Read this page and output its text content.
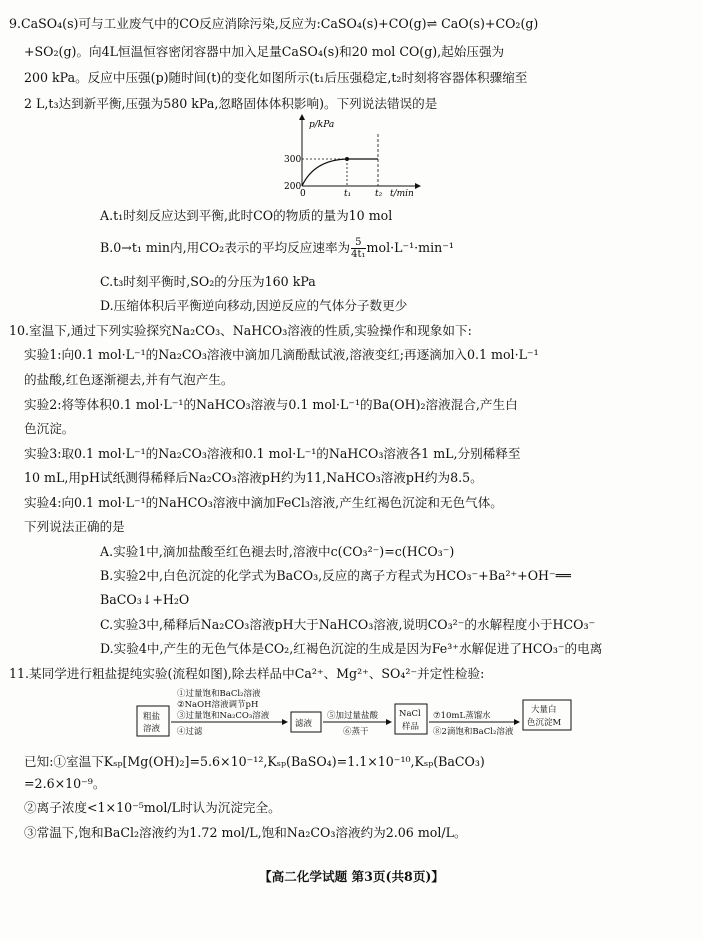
9.CaSO₄(s)可与工业废气中的CO反应消除污染,反应为:CaSO₄(s)+CO(g)⇌ CaO(s)+CO₂(g)
+SO₂(g)。向4L恒温恒容密闭容器中加入足量CaSO₄(s)和20 mol CO(g),起始压强为
200 kPa。反应中压强(p)随时间(t)的变化如图所示(t₁后压强稳定,t₂时刻将容器体积骤缩至
2 L,t₃达到新平衡,压强为580 kPa,忽略固体体积影响)。下列说法错误的是
p/kPa
t/min
300
200
0	t₁	t₂
A.t₁时刻反应达到平衡,此时CO的物质的量为10 mol
B.0→t₁ min内,用CO₂表示的平均反应速率为 $\frac{5}{\text{4t₁}} mol\cdot L^{-1}\cdot\min^{-1}$
C.t₃时刻平衡时,SO₂的分压为160 kPa
D.压缩体积后平衡逆向移动,因逆反应的气体分子数更少
10.室温下,通过下列实验探究Na₂CO₃、NaHCO₃溶液的性质,实验操作和现象如下:
实验1:向0.1 mol·L⁻¹的Na₂CO₃溶液中滴加几滴酚酞试液,溶液变红;再逐滴加入0.1 mol·L⁻¹
的盐酸,红色逐渐褪去,并有气泡产生。
实验2:将等体积0.1 mol·L⁻¹的NaHCO₃溶液与0.1 mol·L⁻¹的Ba(OH)₂溶液混合,产生白
色沉淀。
实验3:取0.1 mol·L⁻¹的Na₂CO₃溶液和0.1 mol·L⁻¹的NaHCO₃溶液各1 mL,分别稀释至
10 mL,用pH试纸测得稀释后Na₂CO₃溶液pH约为11,NaHCO₃溶液pH约为8.5。
实验4:向0.1 mol·L⁻¹的NaHCO₃溶液中滴加FeCl₃溶液,产生红褐色沉淀和无色气体。
下列说法正确的是
A.实验1中,滴加盐酸至红色褪去时,溶液中c(CO₃²⁻)=c(HCO₃⁻)
B.实验2中,白色沉淀的化学式为BaCO₃,反应的离子方程式为HCO₃⁻+Ba²⁺+OH⁻══
BaCO₃↓+H₂O
C.实验3中,稀释后Na₂CO₃溶液pH大于NaHCO₃溶液,说明CO₃²⁻的水解程度小于HCO₃⁻
D.实验4中,产生的无色气体是CO₂,红褐色沉淀的生成是因为Fe³⁺水解促进了HCO₃⁻的电离
11.某同学进行粗盐提纯实验(流程如图),除去样品中Ca²⁺、Mg²⁺、SO₄²⁻并定性检验:
粗盐
溶液
①过量饱和BaCl₂溶液
②NaOH溶液调节pH
③过量饱和Na₂CO₃溶液
④过滤
滤液
⑤加过量盐酸
⑥蒸干
NaCl
样品
⑦10mL蒸馏水
⑧2滴饱和BaCl₂溶液
大量白
色沉淀M
已知:①室温下Kₛₚ[Mg(OH)₂]=5.6×10⁻¹²,Kₛₚ(BaSO₄)=1.1×10⁻¹⁰,Kₛₚ(BaCO₃)
=2.6×10⁻⁹。
②离子浓度<1×10⁻⁵mol/L时认为沉淀完全。
③常温下,饱和BaCl₂溶液约为1.72 mol/L,饱和Na₂CO₃溶液约为2.06 mol/L。
【高二化学试题 第3页(共8页)】
